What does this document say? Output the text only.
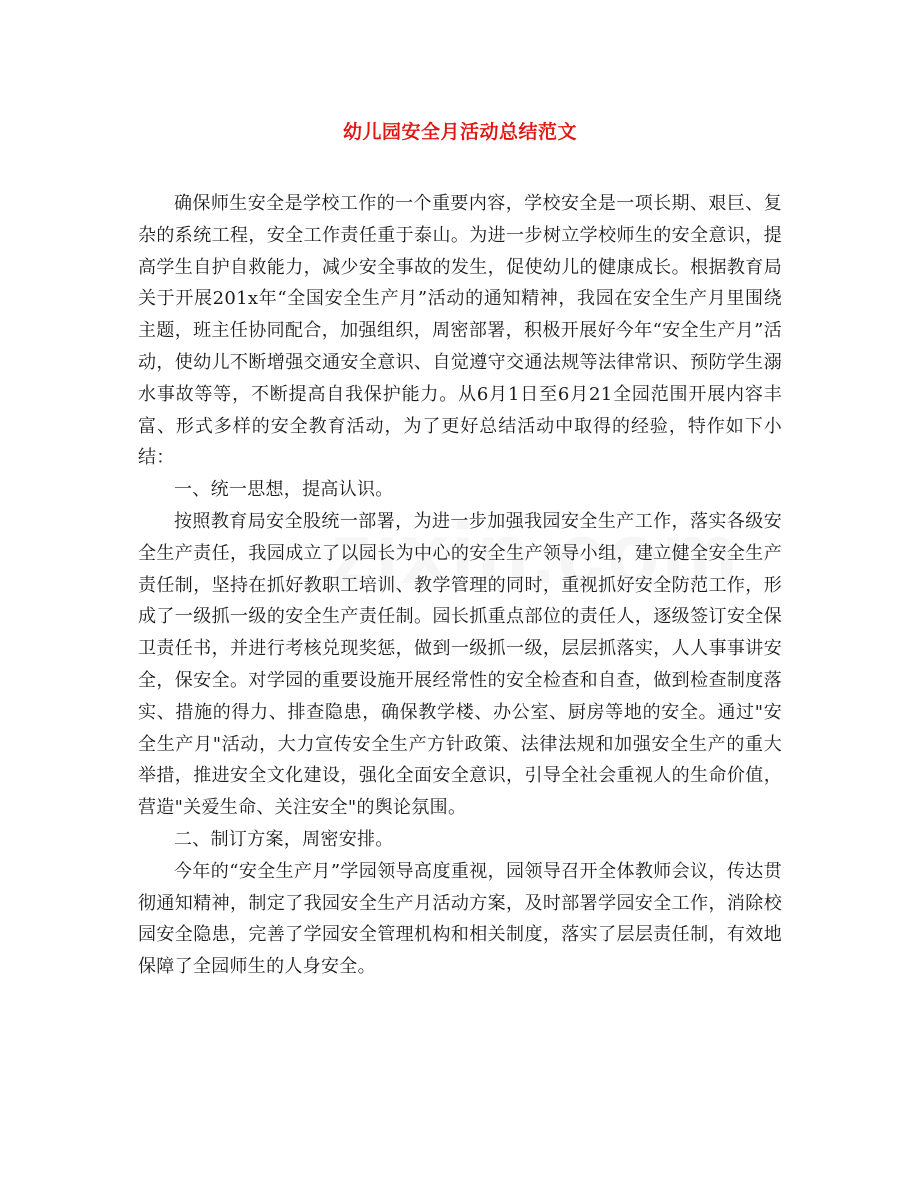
幼儿园安全月活动总结范文

确保师生安全是学校工作的一个重要内容，学校安全是一项长期、艰巨、复杂的系统工程，安全工作责任重于泰山。为进一步树立学校师生的安全意识，提高学生自护自救能力，减少安全事故的发生，促使幼儿的健康成长。根据教育局关于开展201x年“全国安全生产月”活动的通知精神，我园在安全生产月里围绕主题，班主任协同配合，加强组织，周密部署，积极开展好今年“安全生产月”活动，使幼儿不断增强交通安全意识、自觉遵守交通法规等法律常识、预防学生溺水事故等等，不断提高自我保护能力。从6月1日至6月21全园范围开展内容丰富、形式多样的安全教育活动，为了更好总结活动中取得的经验，特作如下小结：

一、统一思想，提高认识。

按照教育局安全股统一部署，为进一步加强我园安全生产工作，落实各级安全生产责任，我园成立了以园长为中心的安全生产领导小组，建立健全安全生产责任制，坚持在抓好教职工培训、教学管理的同时，重视抓好安全防范工作，形成了一级抓一级的安全生产责任制。园长抓重点部位的责任人，逐级签订安全保卫责任书，并进行考核兑现奖惩，做到一级抓一级，层层抓落实，人人事事讲安全，保安全。对学园的重要设施开展经常性的安全检查和自查，做到检查制度落实、措施的得力、排查隐患，确保教学楼、办公室、厨房等地的安全。通过"安全生产月"活动，大力宣传安全生产方针政策、法律法规和加强安全生产的重大举措，推进安全文化建设，强化全面安全意识，引导全社会重视人的生命价值，营造"关爱生命、关注安全"的舆论氛围。

二、制订方案，周密安排。

今年的“安全生产月”学园领导高度重视，园领导召开全体教师会议，传达贯彻通知精神，制定了我园安全生产月活动方案，及时部署学园安全工作，消除校园安全隐患，完善了学园安全管理机构和相关制度，落实了层层责任制，有效地保障了全园师生的人身安全。
